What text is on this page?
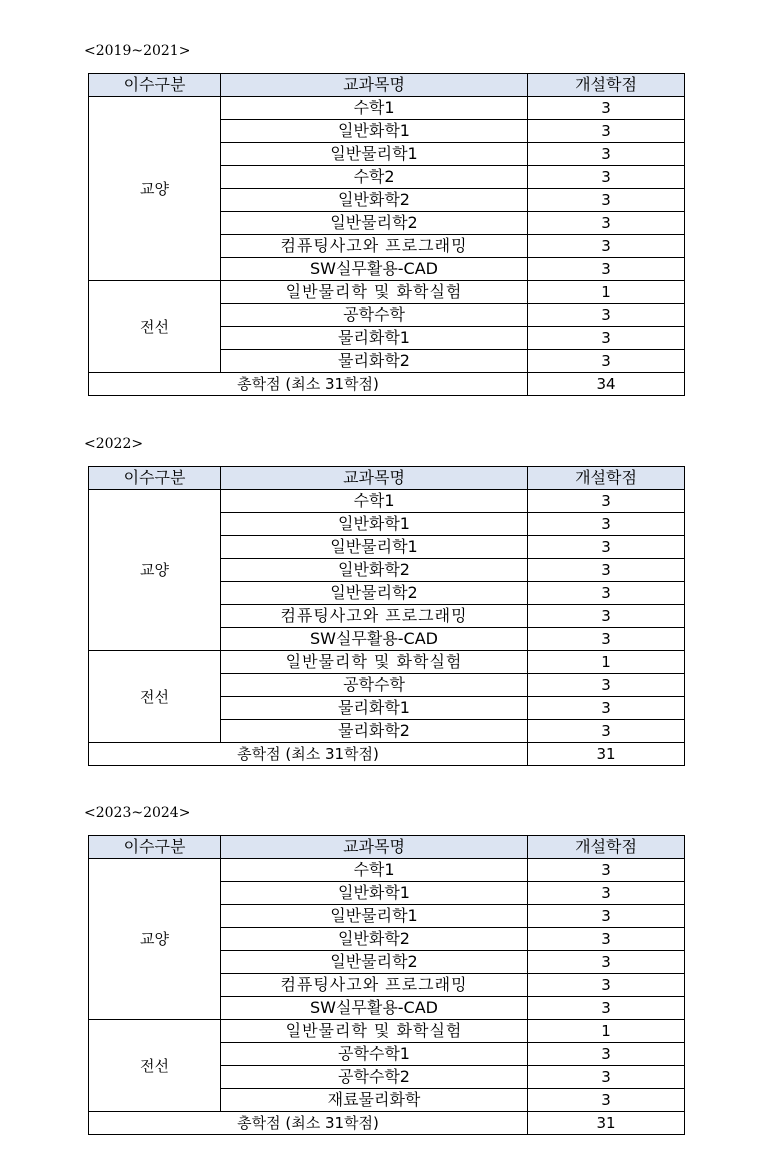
<2019~2021>
이수구분	교과목명	개설학점
교양	수학1	3
	일반화학1	3
	일반물리학1	3
	수학2	3
	일반화학2	3
	일반물리학2	3
	컴퓨팅사고와 프로그래밍	3
	SW실무활용-CAD	3
전선	일반물리학 및 화학실험	1
	공학수학	3
	물리화학1	3
	물리화학2	3
총학점 (최소 31학점)		34
<2022>
이수구분	교과목명	개설학점
교양	수학1	3
	일반화학1	3
	일반물리학1	3
	일반화학2	3
	일반물리학2	3
	컴퓨팅사고와 프로그래밍	3
	SW실무활용-CAD	3
전선	일반물리학 및 화학실험	1
	공학수학	3
	물리화학1	3
	물리화학2	3
총학점 (최소 31학점)		31
<2023~2024>
이수구분	교과목명	개설학점
교양	수학1	3
	일반화학1	3
	일반물리학1	3
	일반화학2	3
	일반물리학2	3
	컴퓨팅사고와 프로그래밍	3
	SW실무활용-CAD	3
전선	일반물리학 및 화학실험	1
	공학수학1	3
	공학수학2	3
	재료물리화학	3
총학점 (최소 31학점)		31
